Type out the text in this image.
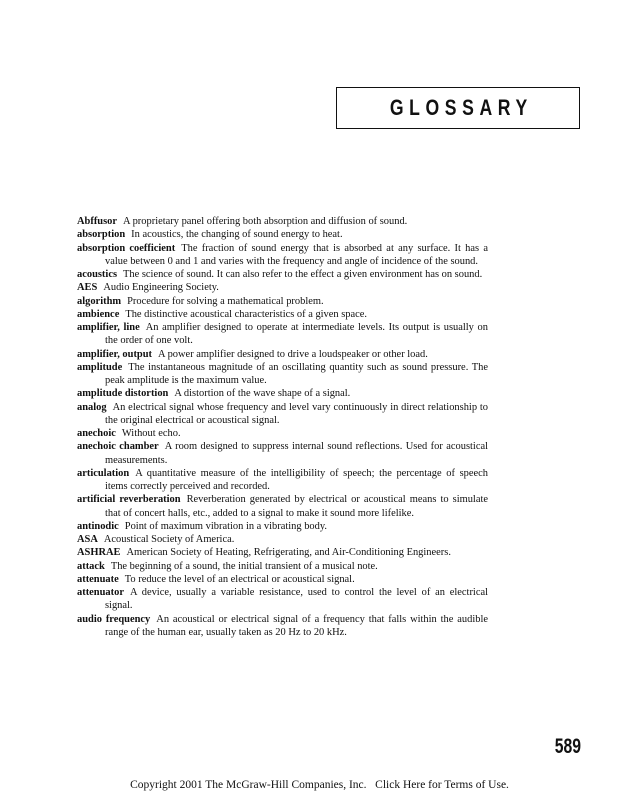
GLOSSARY

Abffusor A proprietary panel offering both absorption and diffusion of sound.

absorption In acoustics, the changing of sound energy to heat.

absorption coefficient The fraction of sound energy that is absorbed at any surface. It has a value between 0 and 1 and varies with the frequency and angle of incidence of the sound.

acoustics The science of sound. It can also refer to the effect a given environment has on sound.

AES Audio Engineering Society.

algorithm Procedure for solving a mathematical problem.

ambience The distinctive acoustical characteristics of a given space.

amplifier, line An amplifier designed to operate at intermediate levels. Its output is usually on the order of one volt.

amplifier, output A power amplifier designed to drive a loudspeaker or other load.

amplitude The instantaneous magnitude of an oscillating quantity such as sound pressure. The peak amplitude is the maximum value.

amplitude distortion A distortion of the wave shape of a signal.

analog An electrical signal whose frequency and level vary continuously in direct relationship to the original electrical or acoustical signal.

anechoic Without echo.

anechoic chamber A room designed to suppress internal sound reflections. Used for acoustical measurements.

articulation A quantitative measure of the intelligibility of speech; the percentage of speech items correctly perceived and recorded.

artificial reverberation Reverberation generated by electrical or acoustical means to simulate that of concert halls, etc., added to a signal to make it sound more lifelike.

antinodic Point of maximum vibration in a vibrating body.

ASA Acoustical Society of America.

ASHRAE American Society of Heating, Refrigerating, and Air-Conditioning Engineers.

attack The beginning of a sound, the initial transient of a musical note.

attenuate To reduce the level of an electrical or acoustical signal.

attenuator A device, usually a variable resistance, used to control the level of an electrical signal.

audio frequency An acoustical or electrical signal of a frequency that falls within the audible range of the human ear, usually taken as 20 Hz to 20 kHz.

589
Copyright 2001 The McGraw-Hill Companies, Inc. Click Here for Terms of Use.
